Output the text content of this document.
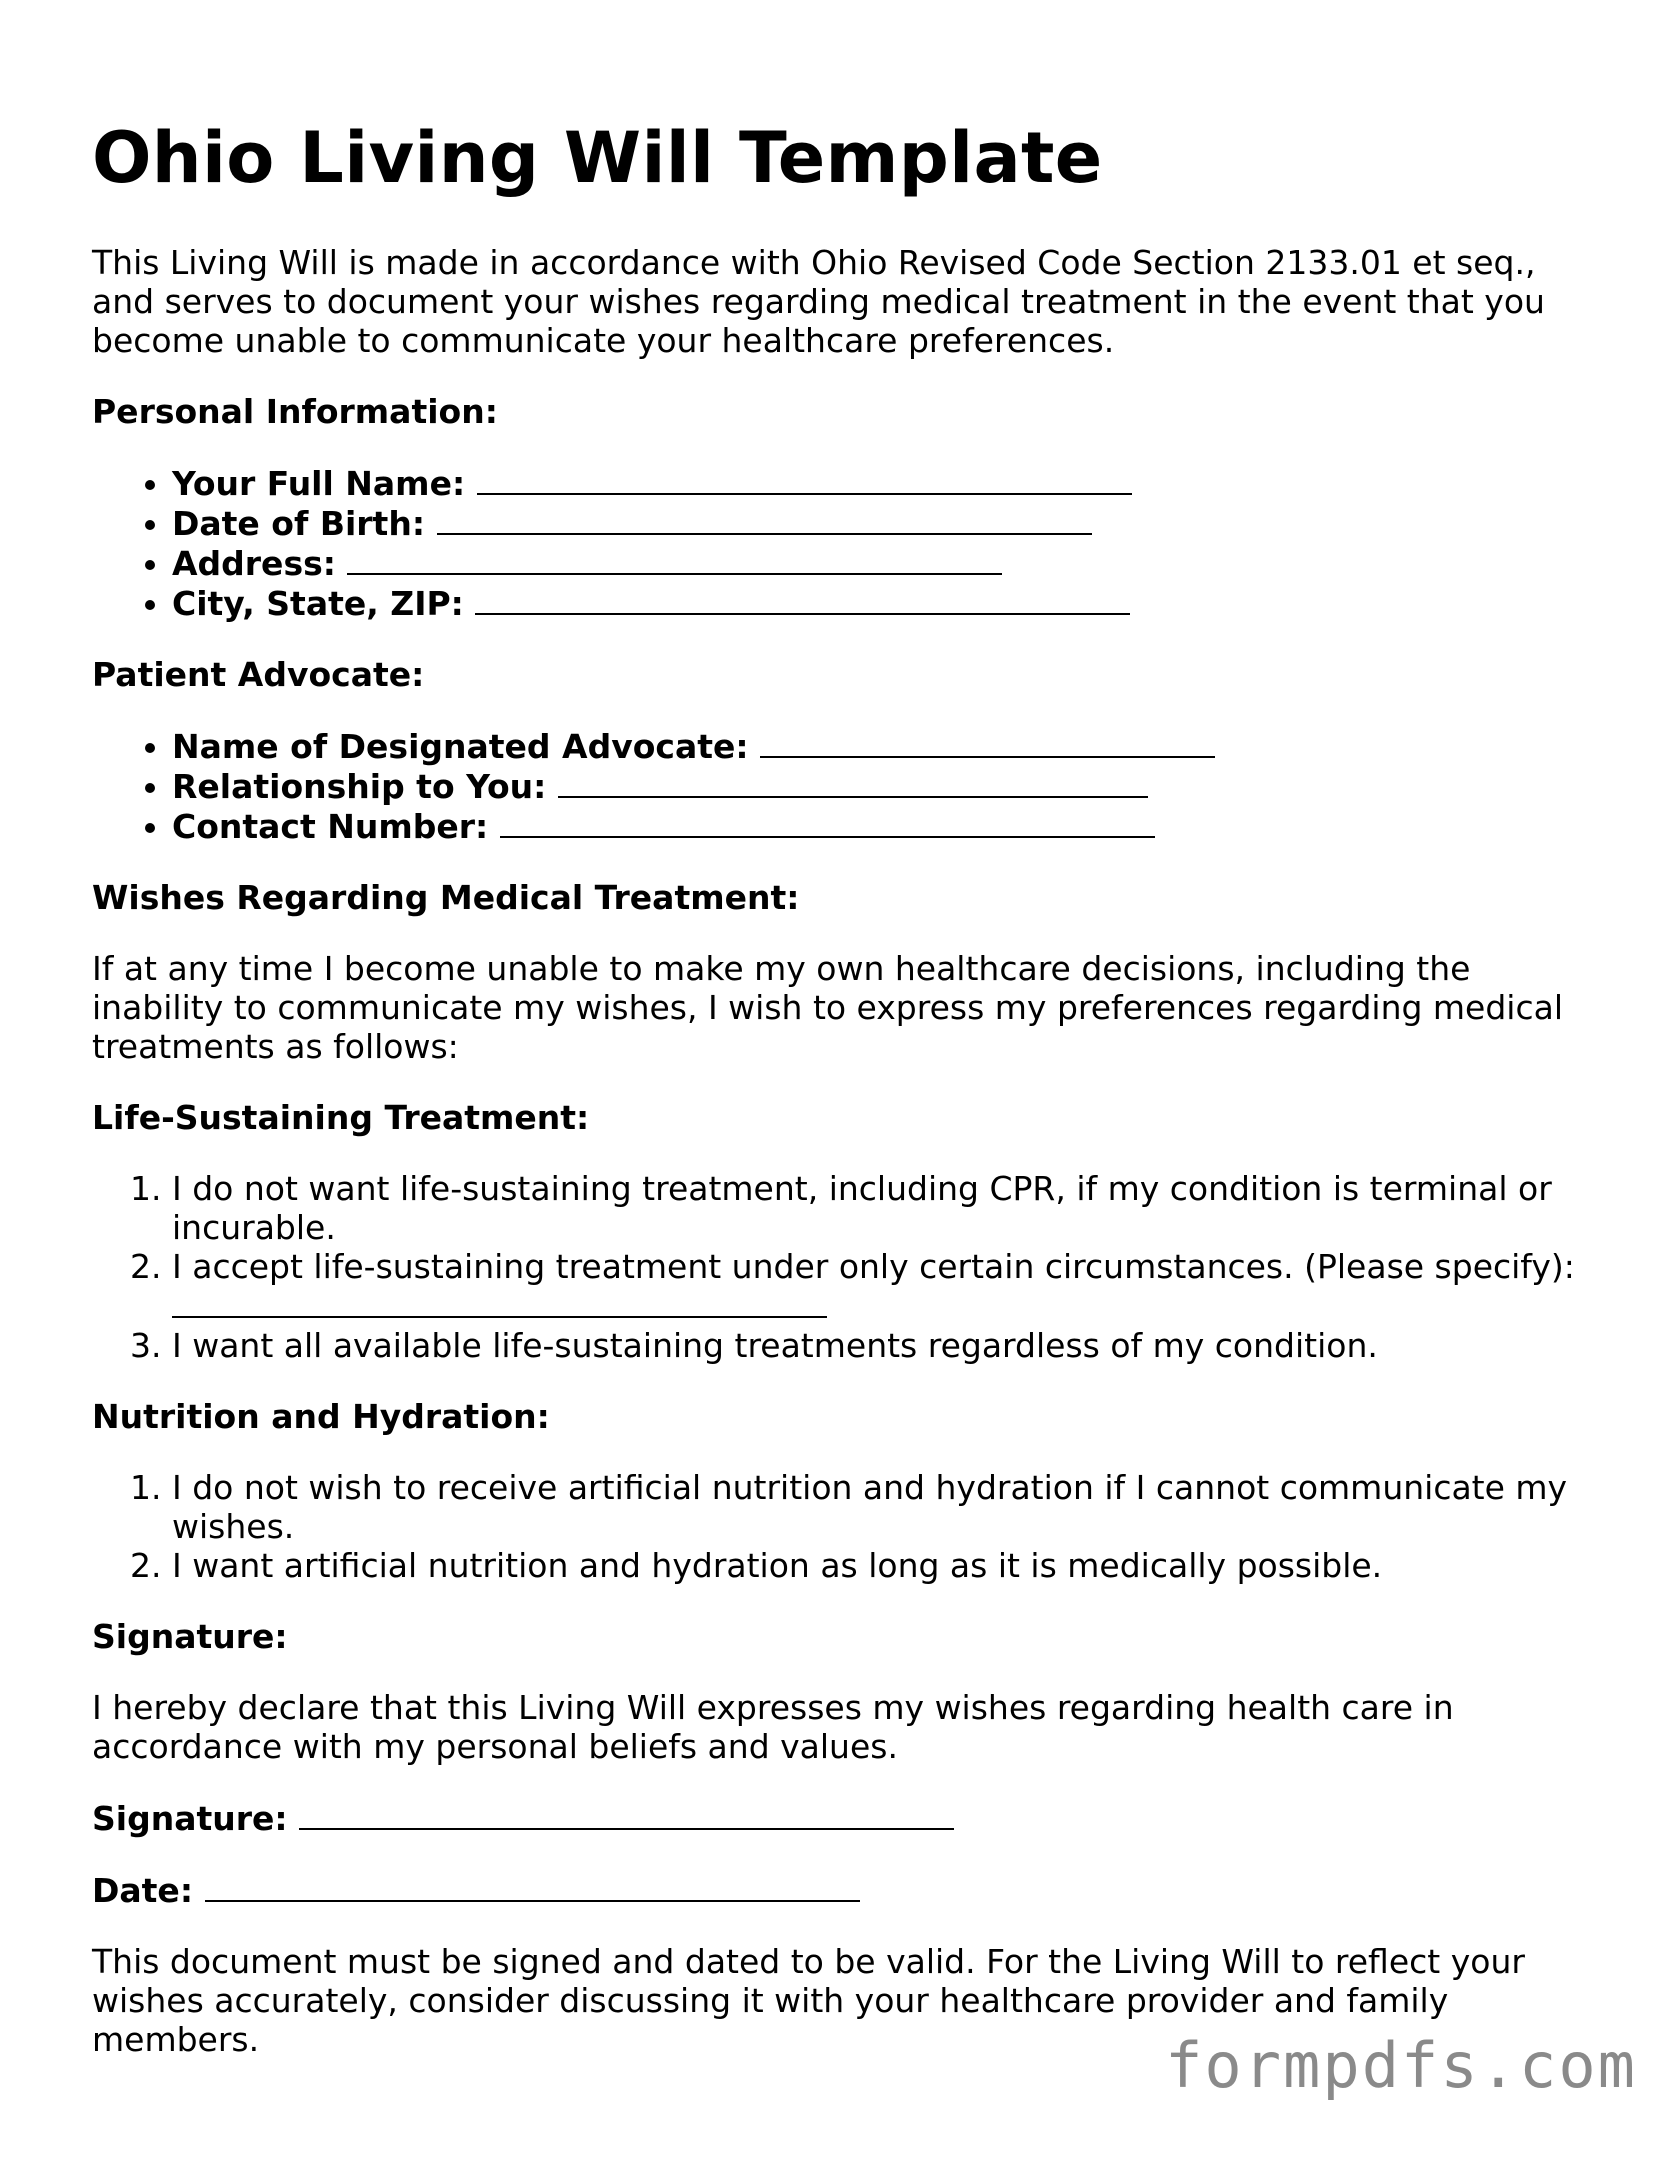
Ohio Living Will Template

This Living Will is made in accordance with Ohio Revised Code Section 2133.01 et seq., and serves to document your wishes regarding medical treatment in the event that you become unable to communicate your healthcare preferences.

Personal Information:

• Your Full Name:
• Date of Birth:
• Address:
• City, State, ZIP:

Patient Advocate:

• Name of Designated Advocate:
• Relationship to You:
• Contact Number:

Wishes Regarding Medical Treatment:

If at any time I become unable to make my own healthcare decisions, including the inability to communicate my wishes, I wish to express my preferences regarding medical treatments as follows:

Life-Sustaining Treatment:

1. I do not want life-sustaining treatment, including CPR, if my condition is terminal or incurable.
2. I accept life-sustaining treatment under only certain circumstances. (Please specify):

3. I want all available life-sustaining treatments regardless of my condition.

Nutrition and Hydration:

1. I do not wish to receive artificial nutrition and hydration if I cannot communicate my wishes.
2. I want artificial nutrition and hydration as long as it is medically possible.

Signature:

I hereby declare that this Living Will expresses my wishes regarding health care in accordance with my personal beliefs and values.

Signature:
Date:

This document must be signed and dated to be valid. For the Living Will to reflect your wishes accurately, consider discussing it with your healthcare provider and family members.	formpdfs.com
